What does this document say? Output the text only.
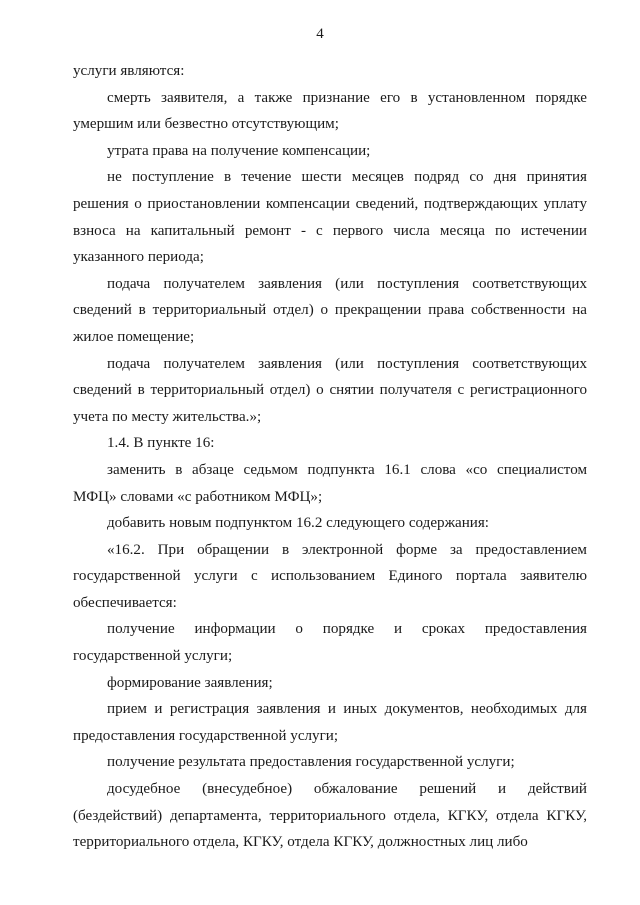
4

услуги являются:

смерть заявителя, а также признание его в установленном порядке умершим или безвестно отсутствующим;

утрата права на получение компенсации;

не поступление в течение шести месяцев подряд со дня принятия решения о приостановлении компенсации сведений, подтверждающих уплату взноса на капитальный ремонт - с первого числа месяца по истечении указанного периода;

подача получателем заявления (или поступления соответствующих сведений в территориальный отдел) о прекращении права собственности на жилое помещение;

подача получателем заявления (или поступления соответствующих сведений в территориальный отдел) о снятии получателя с регистрационного учета по месту жительства.»;

1.4. В пункте 16:

заменить в абзаце седьмом подпункта 16.1 слова «со специалистом МФЦ» словами «с работником МФЦ»;

добавить новым подпунктом 16.2 следующего содержания:

«16.2. При обращении в электронной форме за предоставлением государственной услуги с использованием Единого портала заявителю обеспечивается:

получение информации о порядке и сроках предоставления государственной услуги;

формирование заявления;

прием и регистрация заявления и иных документов, необходимых для предоставления государственной услуги;

получение результата предоставления государственной услуги;

досудебное (внесудебное) обжалование решений и действий (бездействий) департамента, территориального отдела, КГКУ, отдела КГКУ, территориального отдела, КГКУ, отдела КГКУ, должностных лиц либо
